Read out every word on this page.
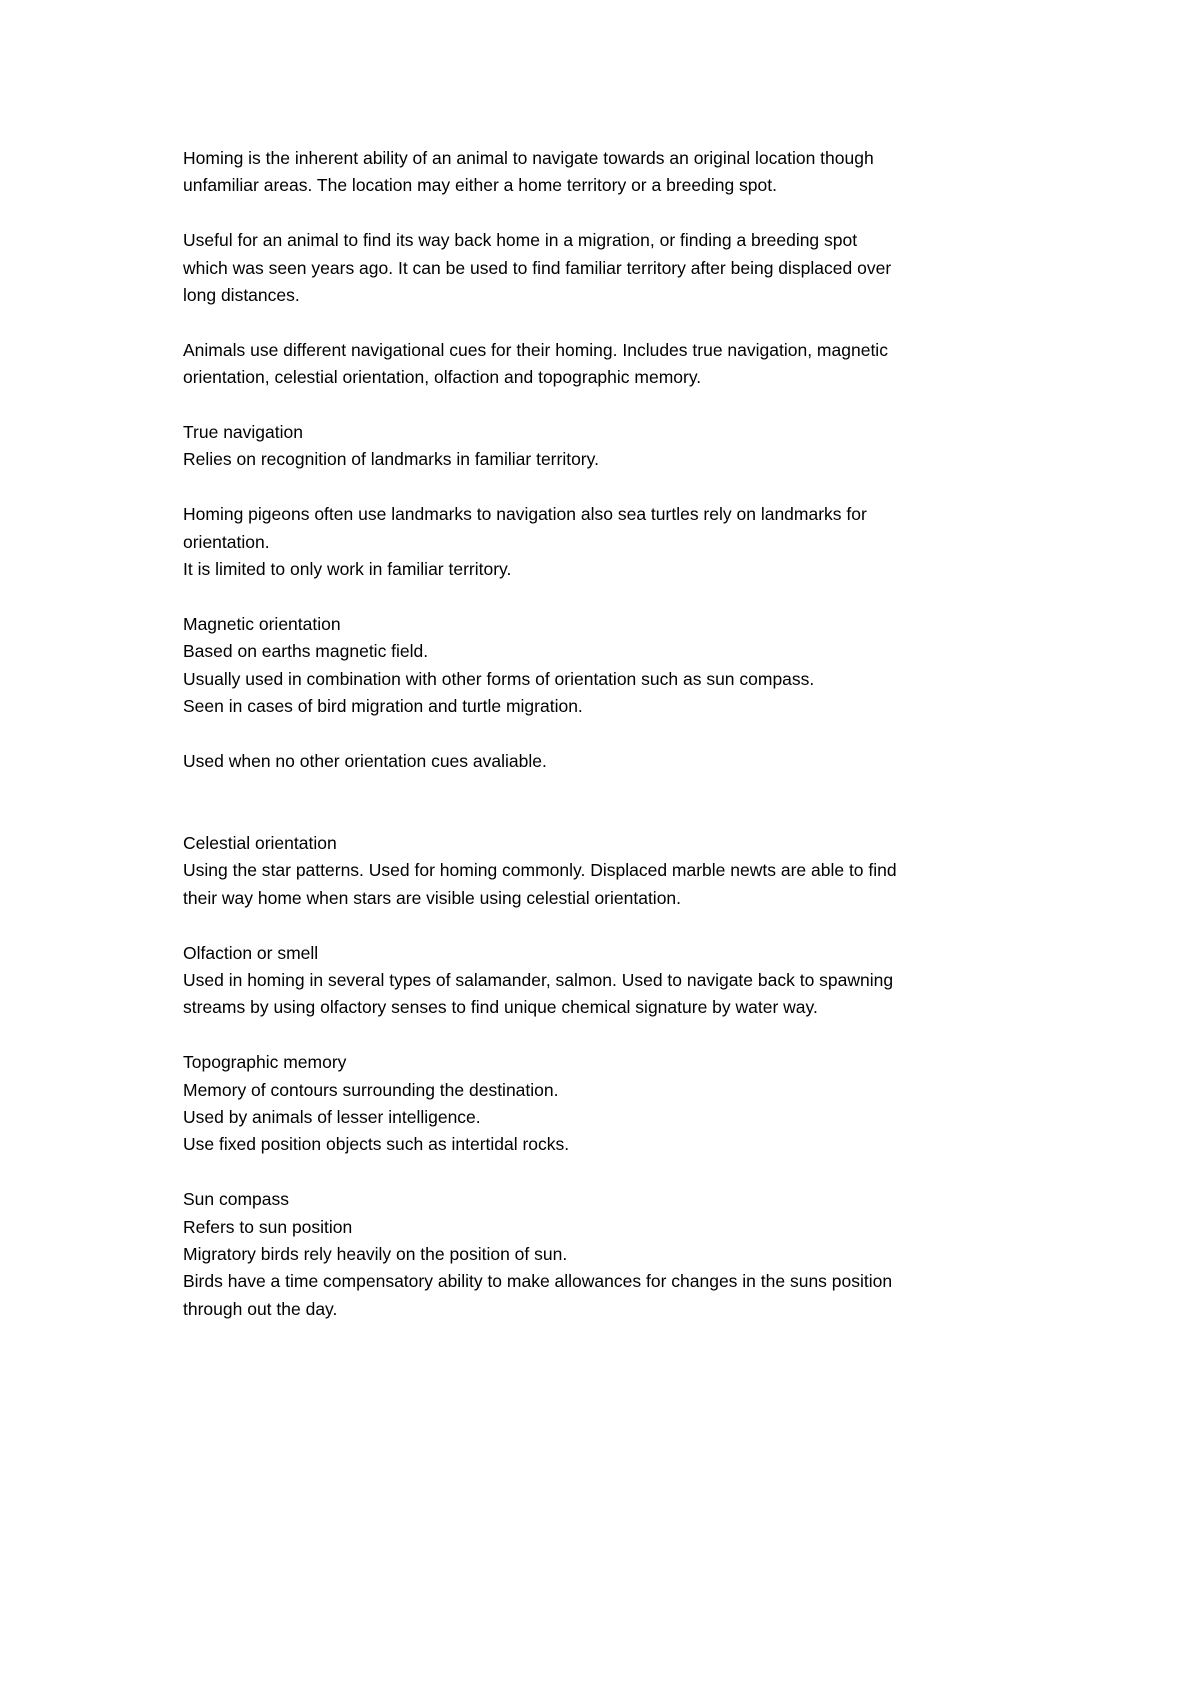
Homing is the inherent ability of an animal to navigate towards an original location though
unfamiliar areas. The location may either a home territory or a breeding spot.
Useful for an animal to find its way back home in a migration, or finding a breeding spot
which was seen years ago. It can be used to find familiar territory after being displaced over
long distances.
Animals use different navigational cues for their homing. Includes true navigation, magnetic
orientation, celestial orientation, olfaction and topographic memory.
True navigation
Relies on recognition of landmarks in familiar territory.
Homing pigeons often use landmarks to navigation also sea turtles rely on landmarks for
orientation.
It is limited to only work in familiar territory.
Magnetic orientation
Based on earths magnetic field.
Usually used in combination with other forms of orientation such as sun compass.
Seen in cases of bird migration and turtle migration.
Used when no other orientation cues avaliable.
Celestial orientation
Using the star patterns. Used for homing commonly. Displaced marble newts are able to find
their way home when stars are visible using celestial orientation.
Olfaction or smell
Used in homing in several types of salamander, salmon. Used to navigate back to spawning
streams by using olfactory senses to find unique chemical signature by water way.
Topographic memory
Memory of contours surrounding the destination.
Used by animals of lesser intelligence.
Use fixed position objects such as intertidal rocks.
Sun compass
Refers to sun position
Migratory birds rely heavily on the position of sun.
Birds have a time compensatory ability to make allowances for changes in the suns position
through out the day.
